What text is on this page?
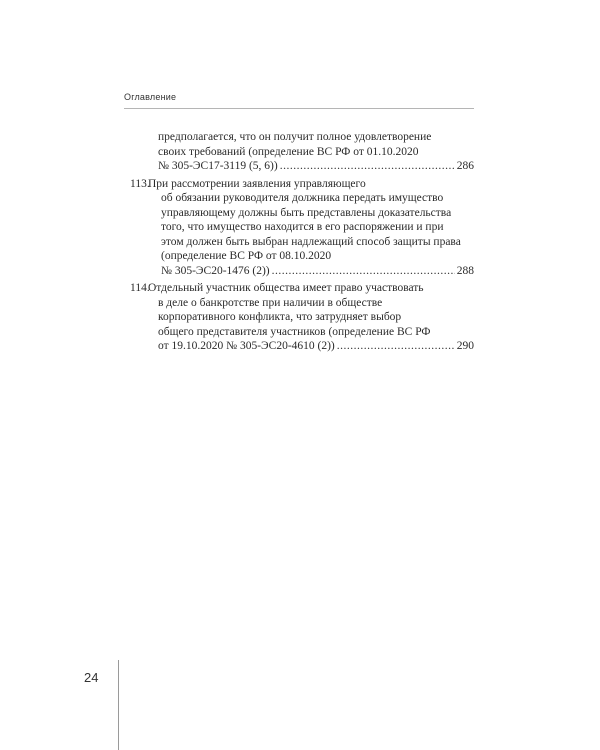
Оглавление
предполагается, что он получит полное удовлетворение
своих требований (определение ВС РФ от 01.10.2020
№ 305-ЭС17-3119 (5, 6)) .....	286
113.
При рассмотрении заявления управляющего
об обязании руководителя должника передать имущество
управляющему должны быть представлены доказательства
того, что имущество находится в его распоряжении и при
этом должен быть выбран надлежащий способ защиты права
(определение ВС РФ от 08.10.2020
№ 305-ЭС20-1476 (2)) .....	288
114.
Отдельный участник общества имеет право участвовать
в деле о банкротстве при наличии в обществе
корпоративного конфликта, что затрудняет выбор
общего представителя участников (определение ВС РФ
от 19.10.2020 № 305-ЭС20-4610 (2)) .....	290
24
